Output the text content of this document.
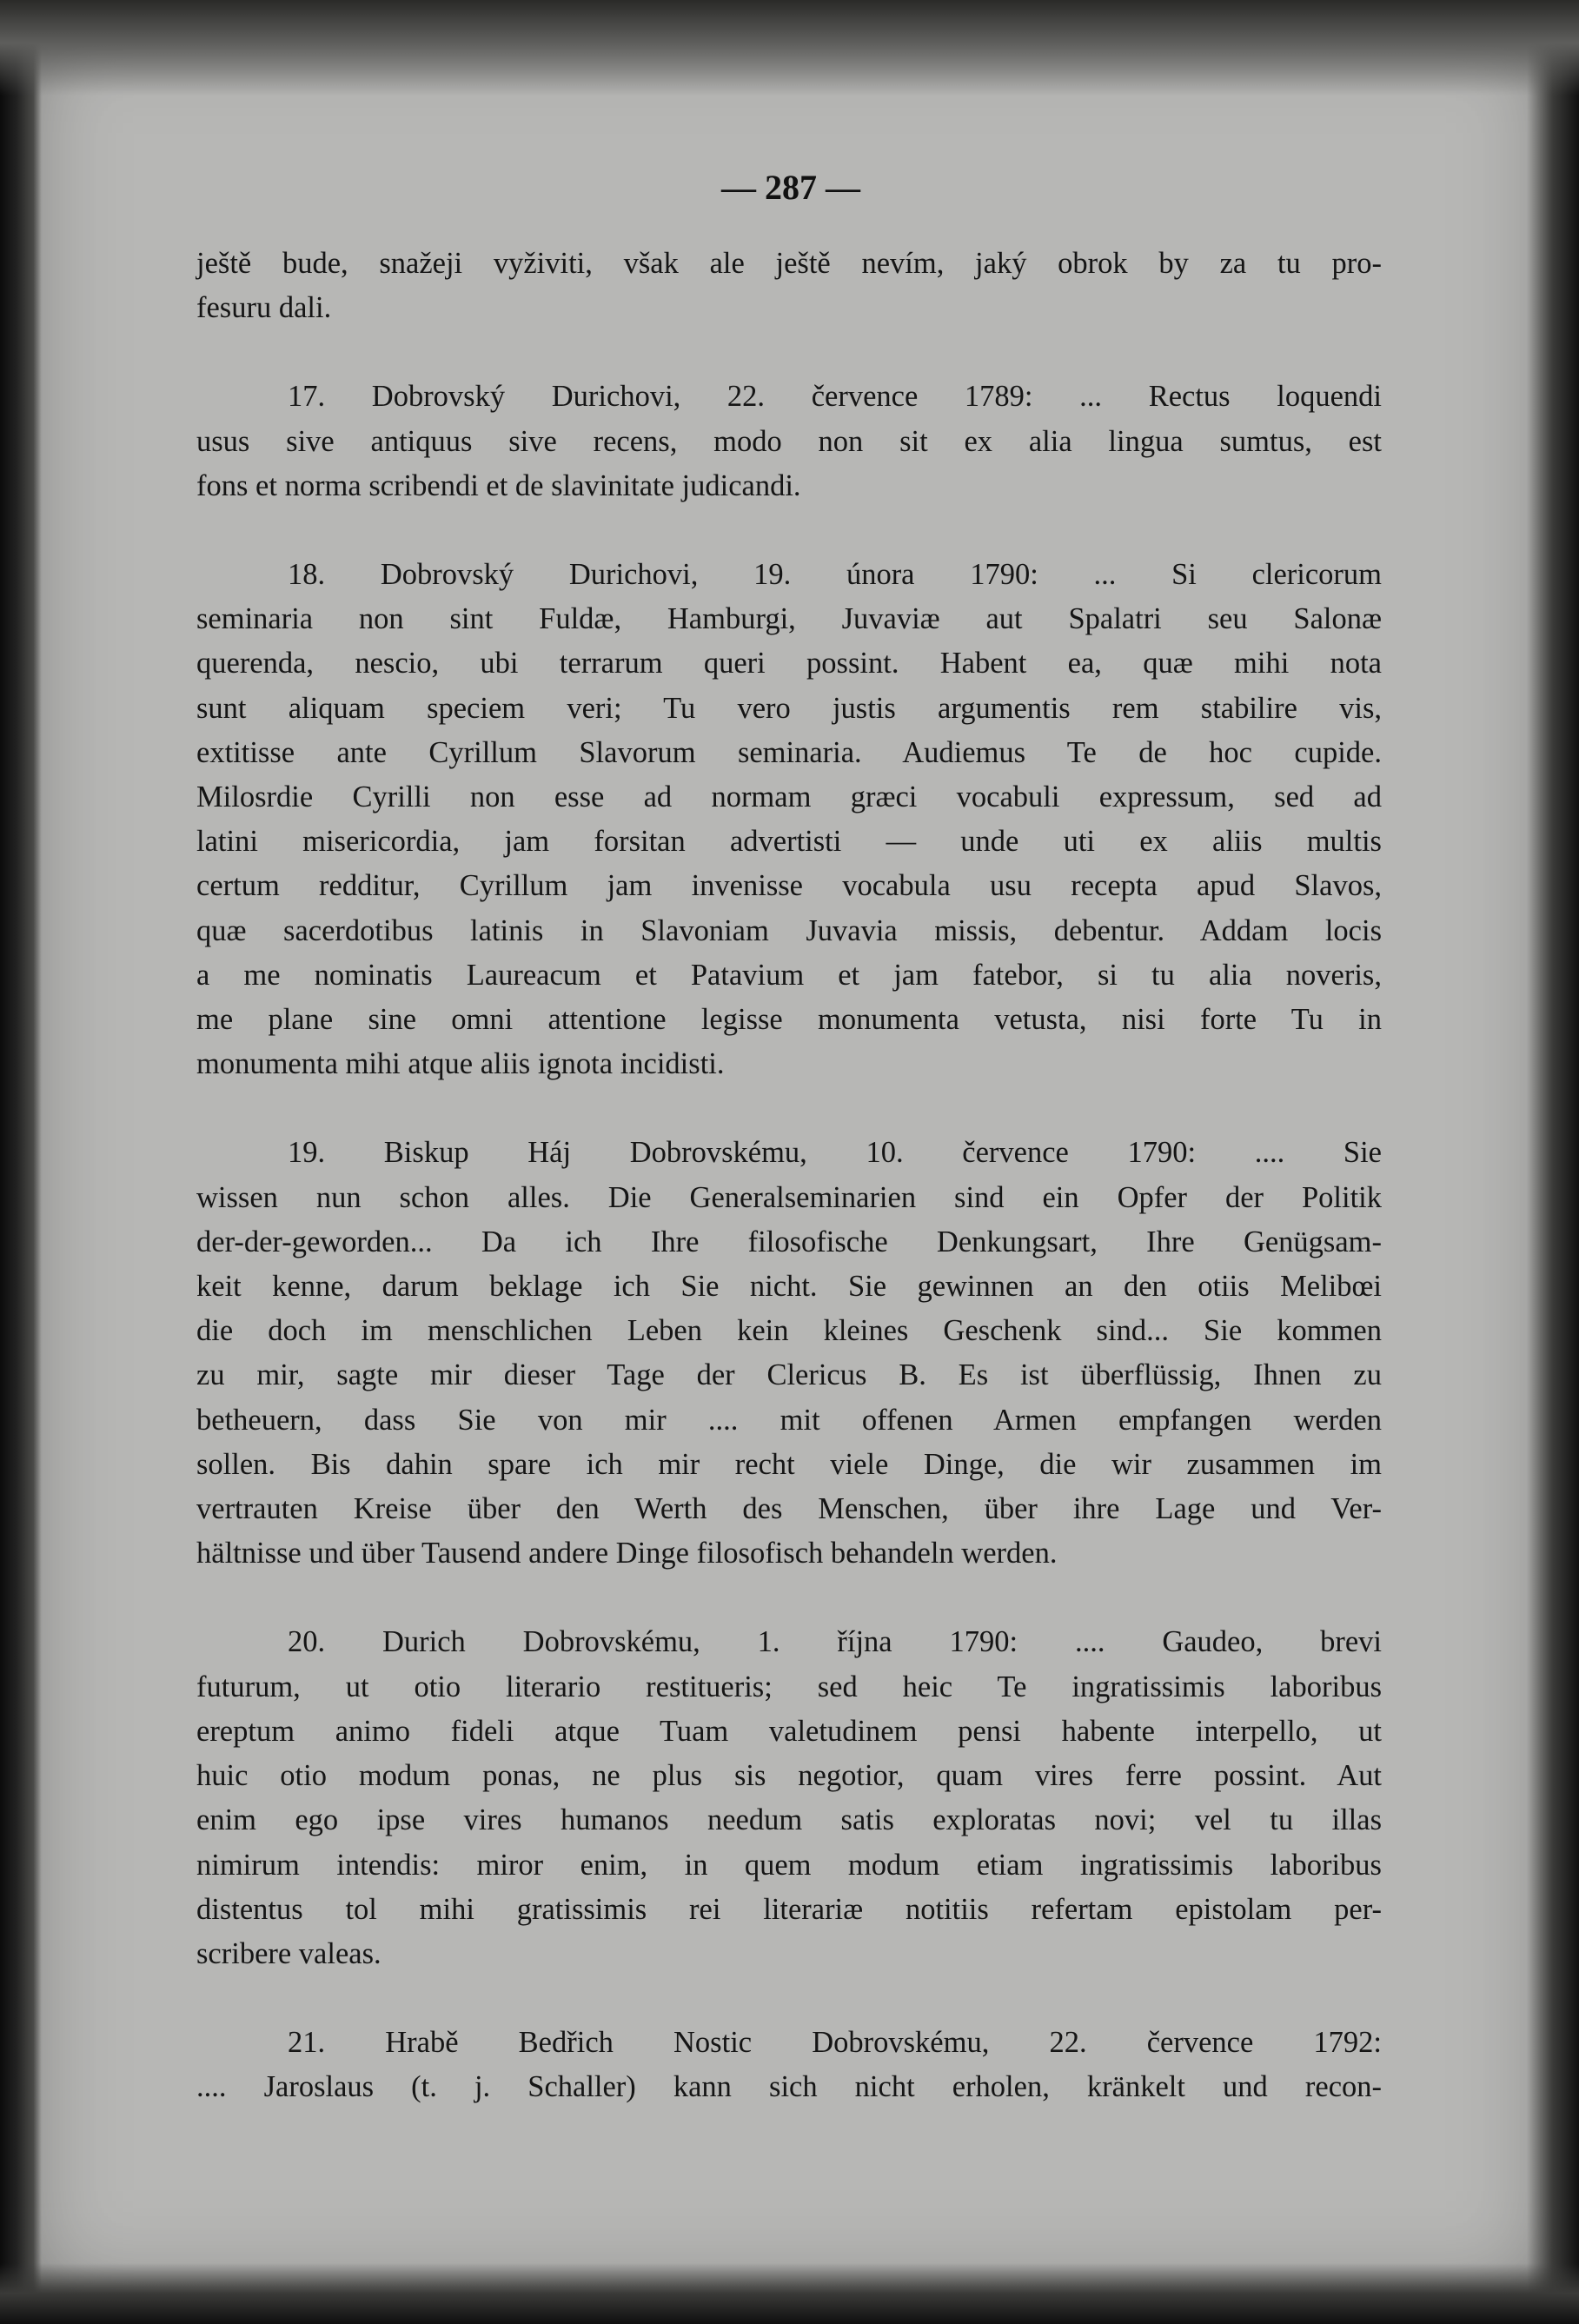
— 287 —

ještě bude, snažeji vyživiti, však ale ještě nevím, jaký obrok by za tu pro-
fesuru dali.

17. Dobrovský Durichovi, 22. července 1789: ... Rectus loquendi

usus sive antiquus sive recens, modo non sit ex alia lingua sumtus, est
fons et norma scribendi et de slavinitate judicandi.

18. Dobrovský Durichovi, 19. února 1790: ... Si clericorum

seminaria non sint Fuldæ, Hamburgi, Juvaviæ aut Spalatri seu Salonæ
querenda, nescio, ubi terrarum queri possint. Habent ea, quæ mihi nota
sunt aliquam speciem veri; Tu vero justis argumentis rem stabilire vis,
extitisse ante Cyrillum Slavorum seminaria. Audiemus Te de hoc cupide.
Milosrdie Cyrilli non esse ad normam græci vocabuli expressum, sed ad
latini misericordia, jam forsitan advertisti — unde uti ex aliis multis
certum redditur, Cyrillum jam invenisse vocabula usu recepta apud Slavos,
quæ sacerdotibus latinis in Slavoniam Juvavia missis, debentur. Addam locis
a me nominatis Laureacum et Patavium et jam fatebor, si tu alia noveris,
me plane sine omni attentione legisse monumenta vetusta, nisi forte Tu in
monumenta mihi atque aliis ignota incidisti.

19. Biskup Háj Dobrovskému, 10. července 1790: .... Sie

wissen nun schon alles. Die Generalseminarien sind ein Opfer der Politik
der-der-geworden... Da ich Ihre filosofische Denkungsart, Ihre Genügsam-
keit kenne, darum beklage ich Sie nicht. Sie gewinnen an den otiis Melibœi
die doch im menschlichen Leben kein kleines Geschenk sind... Sie kommen
zu mir, sagte mir dieser Tage der Clericus B. Es ist überflüssig, Ihnen zu
betheuern, dass Sie von mir .... mit offenen Armen empfangen werden
sollen. Bis dahin spare ich mir recht viele Dinge, die wir zusammen im
vertrauten Kreise über den Werth des Menschen, über ihre Lage und Ver-
hältnisse und über Tausend andere Dinge filosofisch behandeln werden.

20. Durich Dobrovskému, 1. října 1790: .... Gaudeo, brevi

futurum, ut otio literario restitueris; sed heic Te ingratissimis laboribus
ereptum animo fideli atque Tuam valetudinem pensi habente interpello, ut
huic otio modum ponas, ne plus sis negotior, quam vires ferre possint. Aut
enim ego ipse vires humanos needum satis exploratas novi; vel tu illas
nimirum intendis: miror enim, in quem modum etiam ingratissimis laboribus
distentus tol mihi gratissimis rei literariæ notitiis refertam epistolam per-
scribere valeas.

21. Hrabě Bedřich Nostic Dobrovskému, 22. července 1792:

.... Jaroslaus (t. j. Schaller) kann sich nicht erholen, kränkelt und recon-
